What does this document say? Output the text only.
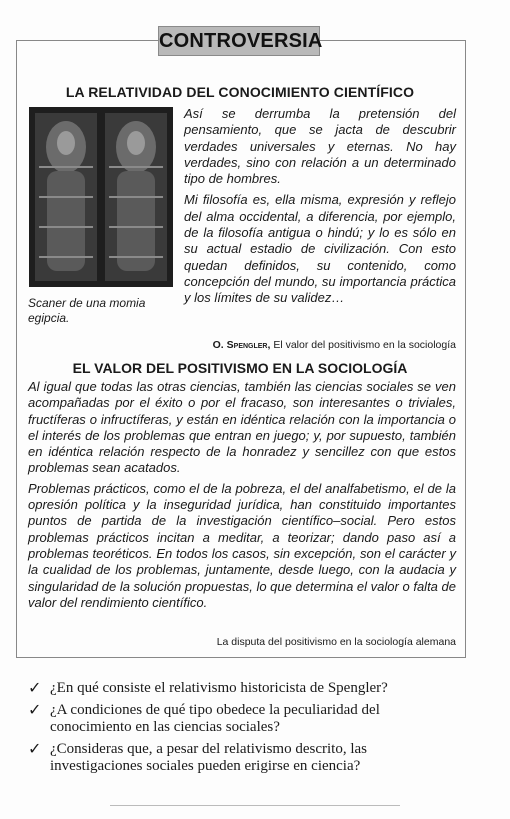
CONTROVERSIA
LA RELATIVIDAD DEL CONOCIMIENTO CIENTÍFICO
Scaner de una momia egipcia.

Así se derrumba la pretensión del pensamiento, que se jacta de descubrir verdades universales y eternas. No hay verdades, sino con relación a un determinado tipo de hombres.

Mi filosofía es, ella misma, expresión y reflejo del alma occidental, a diferencia, por ejemplo, de la filosofía antigua o hindú; y lo es sólo en su actual estadio de civilización. Con esto quedan definidos, su contenido, como concepción del mundo, su importancia práctica y los límites de su validez…

O. Spengler, El valor del positivismo en la sociología
EL VALOR DEL POSITIVISMO EN LA SOCIOLOGÍA

Al igual que todas las otras ciencias, también las ciencias sociales se ven acompañadas por el éxito o por el fracaso, son interesantes o triviales, fructíferas o infructíferas, y están en idéntica relación con la importancia o el interés de los problemas que entran en juego; y, por supuesto, también en idéntica relación respecto de la honradez y sencillez con que estos problemas sean acatados.

Problemas prácticos, como el de la pobreza, el del analfabetismo, el de la opresión política y la inseguridad jurídica, han constituido importantes puntos de partida de la investigación científico–social. Pero estos problemas prácticos incitan a meditar, a teorizar; dando paso así a problemas teoréticos. En todos los casos, sin excepción, son el carácter y la cualidad de los problemas, juntamente, desde luego, con la audacia y singularidad de la solución propuestas, lo que determina el valor o falta de valor del rendimiento científico.

La disputa del positivismo en la sociología alemana
✓ ¿En qué consiste el relativismo historicista de Spengler?
✓ ¿A condiciones de qué tipo obedece la peculiaridad del conocimiento en las ciencias sociales?
✓ ¿Consideras que, a pesar del relativismo descrito, las investigaciones sociales pueden erigirse en ciencia?
